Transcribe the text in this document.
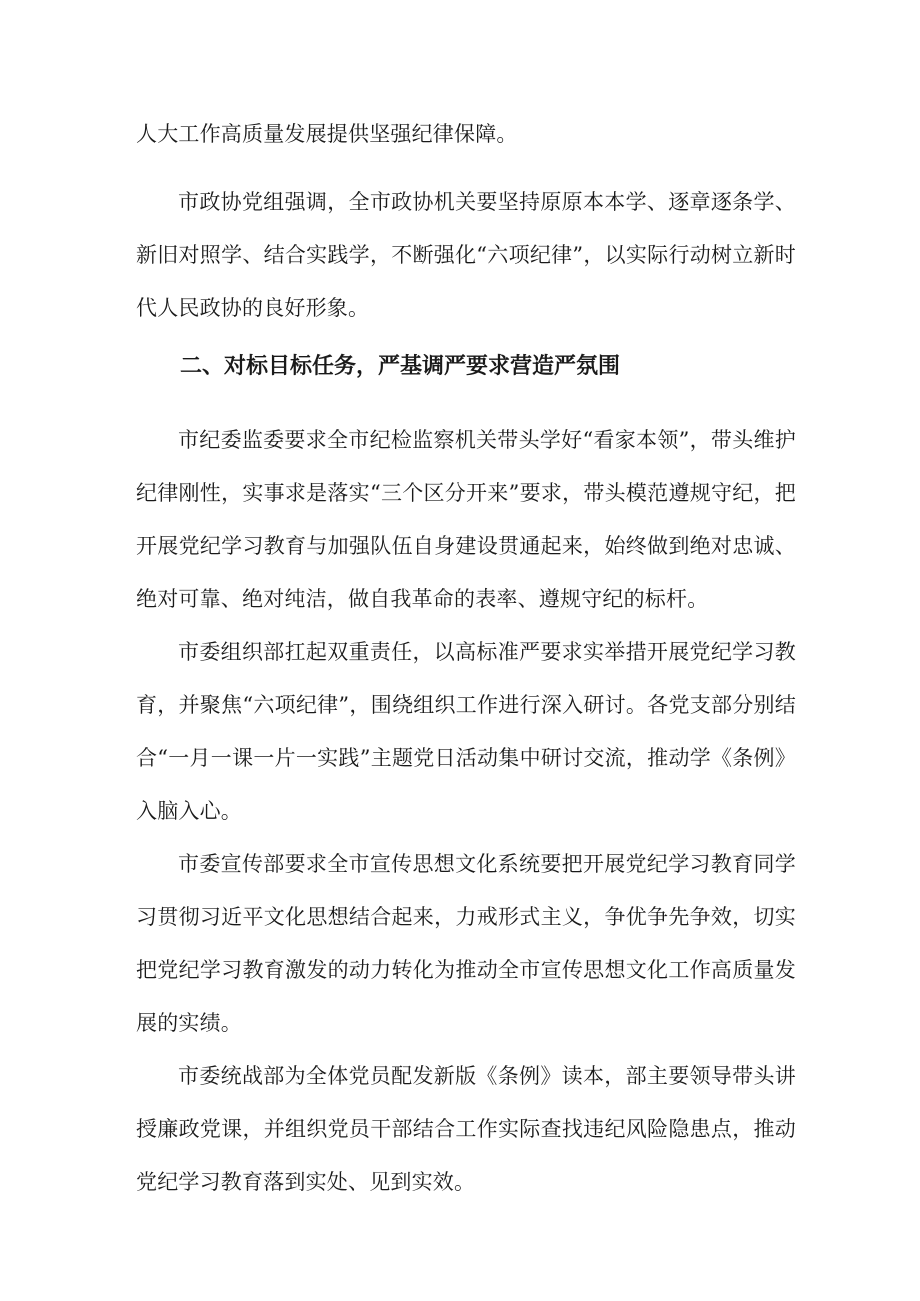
人大工作高质量发展提供坚强纪律保障。

市政协党组强调，全市政协机关要坚持原原本本学、逐章逐条学、新旧对照学、结合实践学，不断强化“六项纪律”，以实际行动树立新时代人民政协的良好形象。

二、对标目标任务，严基调严要求营造严氛围

市纪委监委要求全市纪检监察机关带头学好“看家本领”，带头维护纪律刚性，实事求是落实“三个区分开来”要求，带头模范遵规守纪，把开展党纪学习教育与加强队伍自身建设贯通起来，始终做到绝对忠诚、绝对可靠、绝对纯洁，做自我革命的表率、遵规守纪的标杆。

市委组织部扛起双重责任，以高标准严要求实举措开展党纪学习教育，并聚焦“六项纪律”，围绕组织工作进行深入研讨。各党支部分别结合“一月一课一片一实践”主题党日活动集中研讨交流，推动学《条例》入脑入心。

市委宣传部要求全市宣传思想文化系统要把开展党纪学习教育同学习贯彻习近平文化思想结合起来，力戒形式主义，争优争先争效，切实把党纪学习教育激发的动力转化为推动全市宣传思想文化工作高质量发展的实绩。

市委统战部为全体党员配发新版《条例》读本，部主要领导带头讲授廉政党课，并组织党员干部结合工作实际查找违纪风险隐患点，推动党纪学习教育落到实处、见到实效。
